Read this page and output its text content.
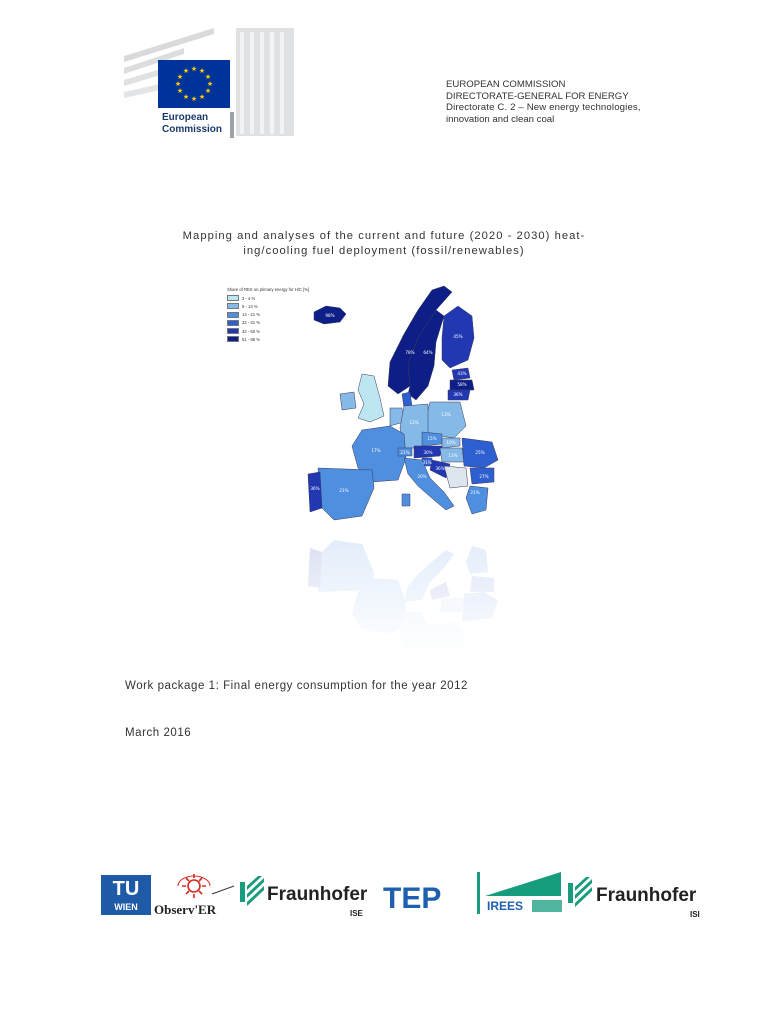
★ ★
★
★
★
★
★
★
★
★
★
★
European
Commission
EUROPEAN COMMISSION
DIRECTORATE-GENERAL FOR ENERGY
Directorate C. 2 – New energy technologies,
innovation and clean coal
Mapping and analyses of the current and future (2020 - 2030) heat-
ing/cooling fuel deployment (fossil/renewables)
98%
78% 64%
45%
43%
58%
36%
13%
12%
15%
30%
10%
13%
25%
27%
17%	21%
31%
36%
20%
36%	21%	21%
Share of RES on primary energy for H/C [%]
3 - 4 %
5 - 13 %
14 - 21 %
22 - 31 %
32 - 50 %
51 - 98 %
Work package 1: Final energy consumption for the year 2012
March 2016
TU
WIEN Observ'ER
Fraunhofer
ISE TEP	IREES	Fraunhofer
ISI
